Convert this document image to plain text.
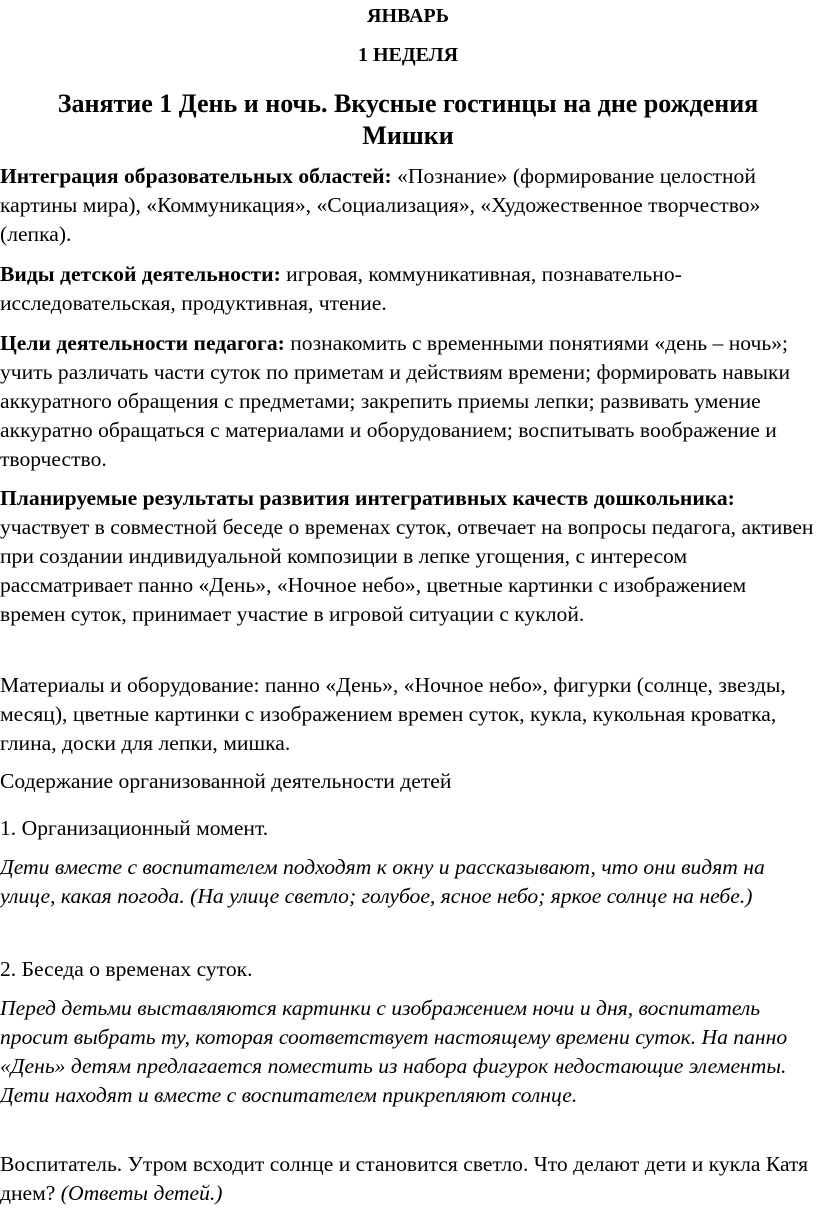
ЯНВАРЬ
1 НЕДЕЛЯ
Занятие 1 День и ночь. Вкусные гостинцы на дне рождения Мишки
Интеграция образовательных областей: «Познание» (формирование целостной картины мира), «Коммуникация», «Социализация», «Художественное творчество» (лепка).
Виды детской деятельности: игровая, коммуникативная, познавательно-исследовательская, продуктивная, чтение.
Цели деятельности педагога: познакомить с временными понятиями «день – ночь»; учить различать части суток по приметам и действиям времени; формировать навыки аккуратного обращения с предметами; закрепить приемы лепки; развивать умение аккуратно обращаться с материалами и оборудованием; воспитывать воображение и творчество.
Планируемые результаты развития интегративных качеств дошкольника: участвует в совместной беседе о временах суток, отвечает на вопросы педагога, активен при создании индивидуальной композиции в лепке угощения, с интересом рассматривает панно «День», «Ночное небо», цветные картинки с изображением времен суток, принимает участие в игровой ситуации с куклой.
Материалы и оборудование: панно «День», «Ночное небо», фигурки (солнце, звезды, месяц), цветные картинки с изображением времен суток, кукла, кукольная кроватка, глина, доски для лепки, мишка.
Содержание организованной деятельности детей
1. Организационный момент.
Дети вместе с воспитателем подходят к окну и рассказывают, что они видят на улице, какая погода. (На улице светло; голубое, ясное небо; яркое солнце на небе.)
2. Беседа о временах суток.
Перед детьми выставляются картинки с изображением ночи и дня, воспитатель просит выбрать ту, которая соответствует настоящему времени суток. На панно «День» детям предлагается поместить из набора фигурок недостающие элементы. Дети находят и вместе с воспитателем прикрепляют солнце.
Воспитатель. Утром всходит солнце и становится светло. Что делают дети и кукла Катя днем? (Ответы детей.)
